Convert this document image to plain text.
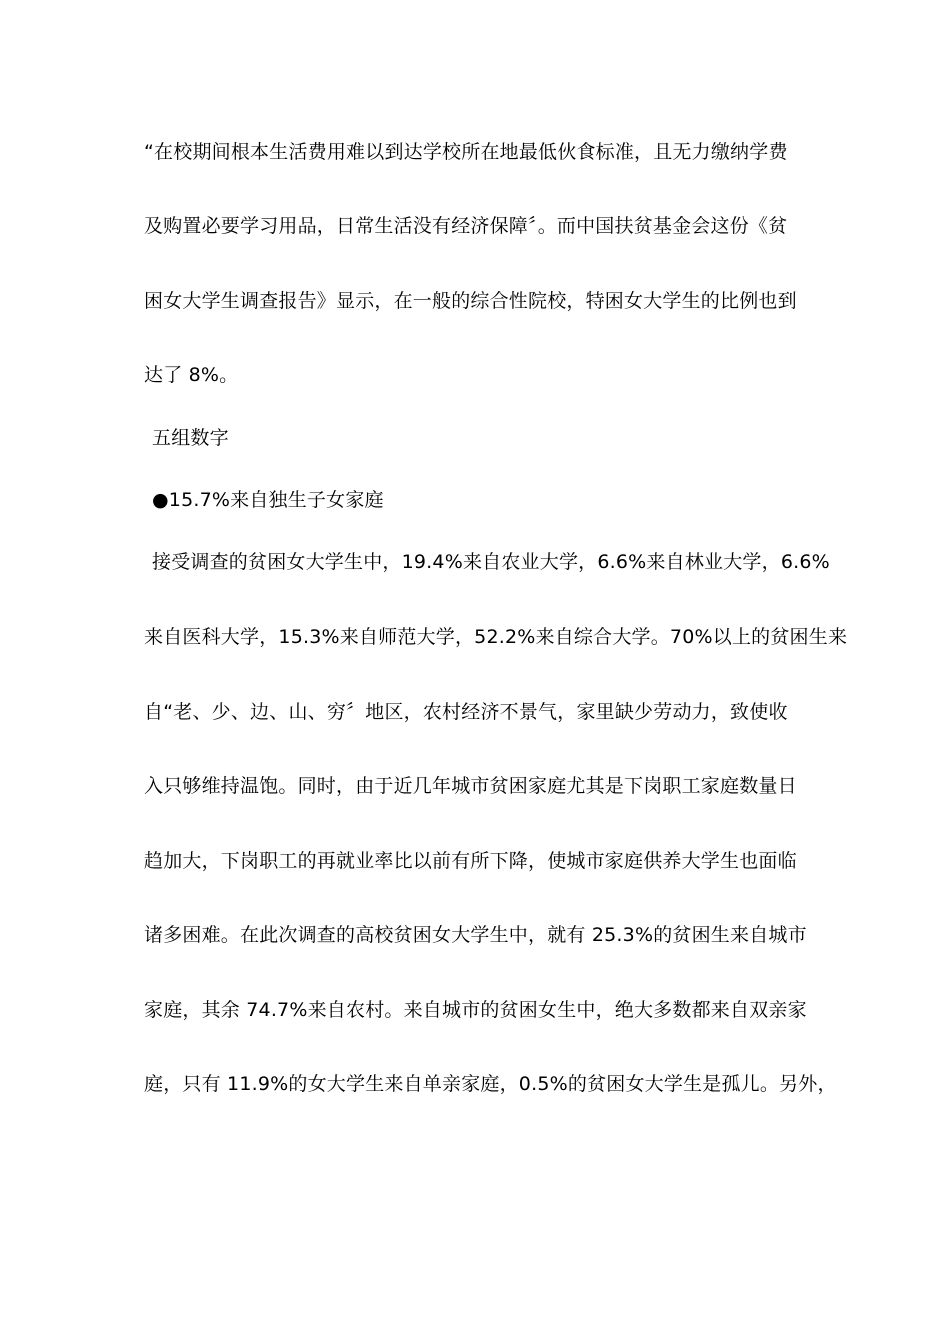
“在校期间根本生活费用难以到达学校所在地最低伙食标准，且无力缴纳学费
及购置必要学习用品，日常生活没有经济保障〞。而中国扶贫基金会这份《贫
困女大学生调查报告》显示，在一般的综合性院校，特困女大学生的比例也到
达了 8%。
五组数字
●15.7%来自独生子女家庭
接受调查的贫困女大学生中，19.4%来自农业大学，6.6%来自林业大学，6.6%
来自医科大学，15.3%来自师范大学，52.2%来自综合大学。70%以上的贫困生来
自“老、少、边、山、穷〞地区，农村经济不景气，家里缺少劳动力，致使收
入只够维持温饱。同时，由于近几年城市贫困家庭尤其是下岗职工家庭数量日
趋加大，下岗职工的再就业率比以前有所下降，使城市家庭供养大学生也面临
诸多困难。在此次调查的高校贫困女大学生中，就有 25.3%的贫困生来自城市
家庭，其余 74.7%来自农村。来自城市的贫困女生中，绝大多数都来自双亲家
庭，只有 11.9%的女大学生来自单亲家庭，0.5%的贫困女大学生是孤儿。另外，
